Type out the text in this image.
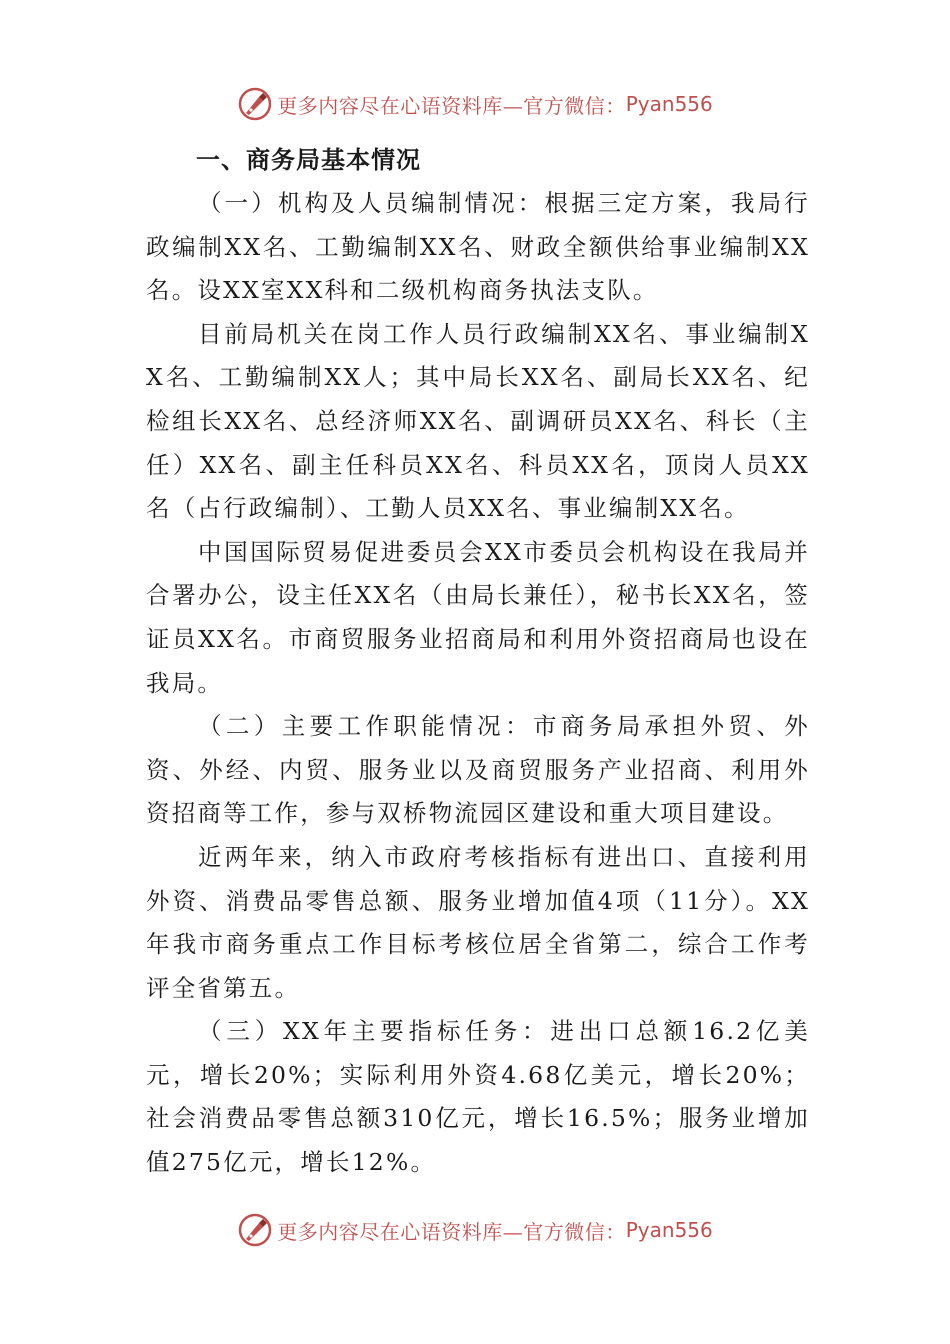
更多内容尽在心语资料库—官方微信： Pyan556

一、商务局基本情况

（一）机构及人员编制情况：根据三定方案，我局行政编制XX名、工勤编制XX名、财政全额供给事业编制XX名。设XX室XX科和二级机构商务执法支队。

目前局机关在岗工作人员行政编制XX名、事业编制XX名、工勤编制XX人；其中局长XX名、副局长XX名、纪检组长XX名、总经济师XX名、副调研员XX名、科长（主任）XX名、副主任科员XX名、科员XX名，顶岗人员XX名（占行政编制）、工勤人员XX名、事业编制XX名。

中国国际贸易促进委员会XX市委员会机构设在我局并合署办公，设主任XX名（由局长兼任），秘书长XX名，签证员XX名。市商贸服务业招商局和利用外资招商局也设在我局。

（二）主要工作职能情况：市商务局承担外贸、外资、外经、内贸、服务业以及商贸服务产业招商、利用外资招商等工作，参与双桥物流园区建设和重大项目建设。

近两年来，纳入市政府考核指标有进出口、直接利用外资、消费品零售总额、服务业增加值4项（11分）。XX年我市商务重点工作目标考核位居全省第二，综合工作考评全省第五。

（三）XX年主要指标任务：进出口总额16.2亿美元，增长20%；实际利用外资4.68亿美元，增长20%；社会消费品零售总额310亿元，增长16.5%；服务业增加值275亿元，增长12%。

更多内容尽在心语资料库—官方微信： Pyan556
